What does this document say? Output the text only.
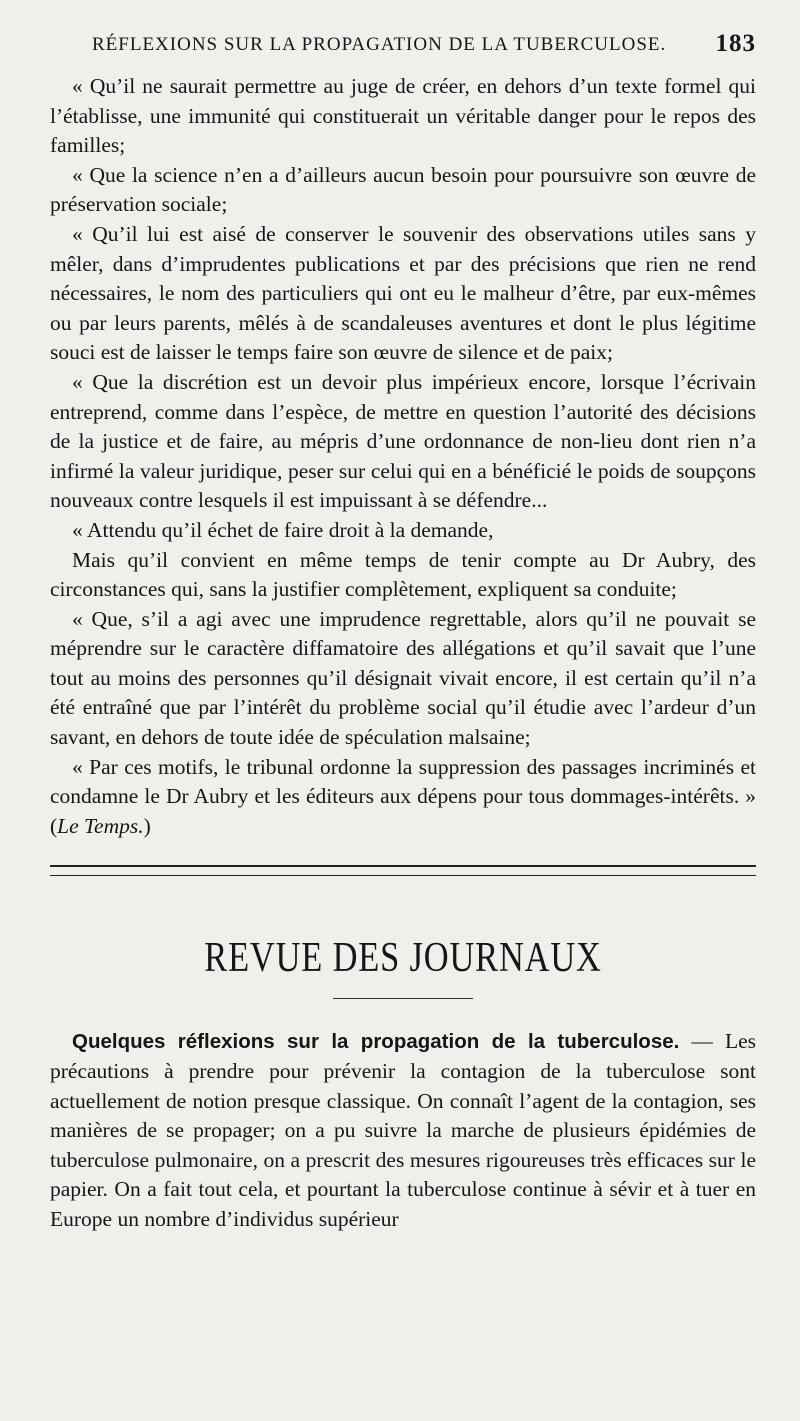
RÉFLEXIONS SUR LA PROPAGATION DE LA TUBERCULOSE. 183

« Qu’il ne saurait permettre au juge de créer, en dehors d’un texte formel qui l’établisse, une immunité qui constituerait un véritable danger pour le repos des familles;

« Que la science n’en a d’ailleurs aucun besoin pour poursuivre son œuvre de préservation sociale;

« Qu’il lui est aisé de conserver le souvenir des observations utiles sans y mêler, dans d’imprudentes publications et par des précisions que rien ne rend nécessaires, le nom des particuliers qui ont eu le malheur d’être, par eux-mêmes ou par leurs parents, mêlés à de scandaleuses aventures et dont le plus légitime souci est de laisser le temps faire son œuvre de silence et de paix;

« Que la discrétion est un devoir plus impérieux encore, lorsque l’écrivain entreprend, comme dans l’espèce, de mettre en question l’autorité des décisions de la justice et de faire, au mépris d’une ordonnance de non-lieu dont rien n’a infirmé la valeur juridique, peser sur celui qui en a bénéficié le poids de soupçons nouveaux contre lesquels il est impuissant à se défendre...

« Attendu qu’il échet de faire droit à la demande,

Mais qu’il convient en même temps de tenir compte au Dr Aubry, des circonstances qui, sans la justifier complètement, expliquent sa conduite;

« Que, s’il a agi avec une imprudence regrettable, alors qu’il ne pouvait se méprendre sur le caractère diffamatoire des allégations et qu’il savait que l’une tout au moins des personnes qu’il désignait vivait encore, il est certain qu’il n’a été entraîné que par l’intérêt du problème social qu’il étudie avec l’ardeur d’un savant, en dehors de toute idée de spéculation malsaine;

« Par ces motifs, le tribunal ordonne la suppression des passages incriminés et condamne le Dr Aubry et les éditeurs aux dépens pour tous dommages-intérêts. » (Le Temps.)

REVUE DES JOURNAUX

Quelques réflexions sur la propagation de la tuberculose. — Les précautions à prendre pour prévenir la contagion de la tuberculose sont actuellement de notion presque classique. On connaît l’agent de la contagion, ses manières de se propager; on a pu suivre la marche de plusieurs épidémies de tuberculose pulmonaire, on a prescrit des mesures rigoureuses très efficaces sur le papier. On a fait tout cela, et pourtant la tuberculose continue à sévir et à tuer en Europe un nombre d’individus supérieur
